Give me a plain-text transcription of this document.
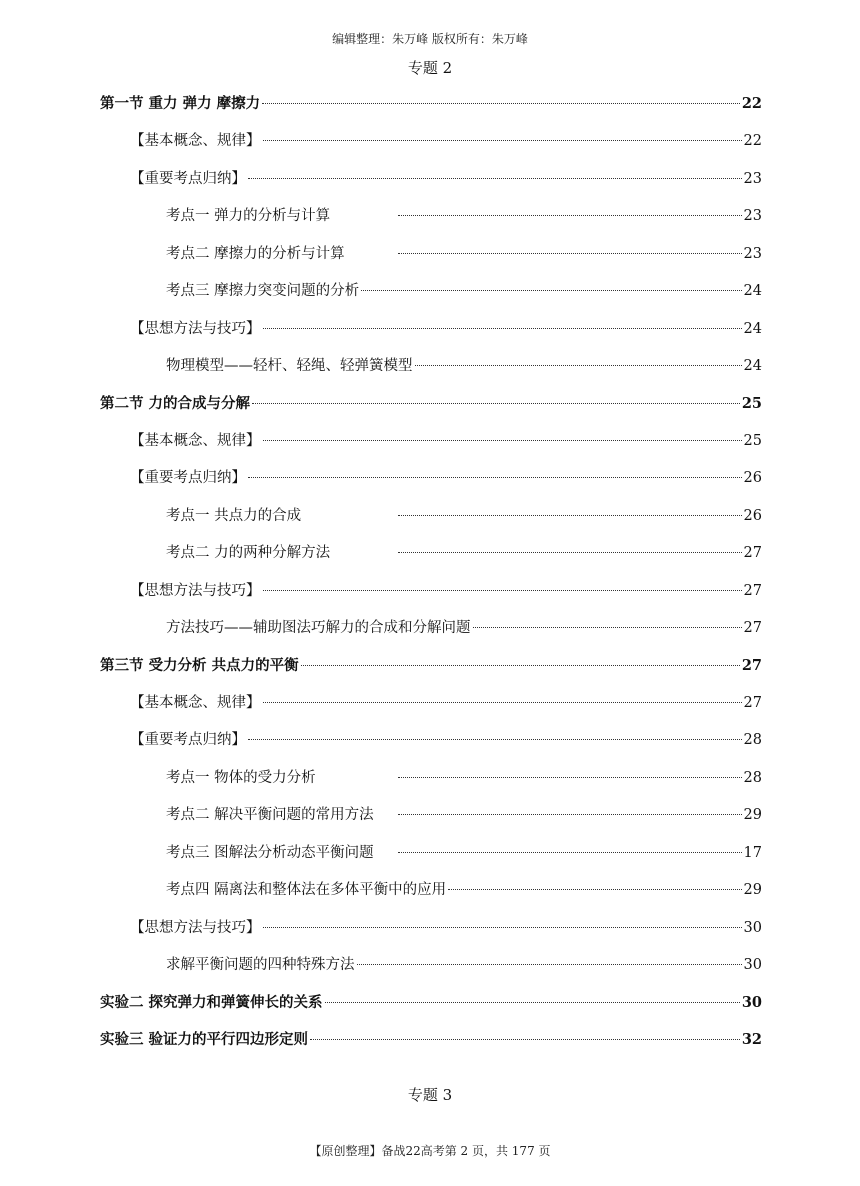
编辑整理：朱万峰 版权所有：朱万峰
专题 2
第一节 重力 弹力 摩擦力	22
【基本概念、规律】	22
【重要考点归纳】	23
考点一 弹力的分析与计算	23
考点二 摩擦力的分析与计算	23
考点三 摩擦力突变问题的分析	24
【思想方法与技巧】	24
物理模型——轻杆、轻绳、轻弹簧模型	24
第二节 力的合成与分解	25
【基本概念、规律】	25
【重要考点归纳】	26
考点一 共点力的合成	26
考点二 力的两种分解方法	27
【思想方法与技巧】	27
方法技巧——辅助图法巧解力的合成和分解问题	27
第三节 受力分析 共点力的平衡	27
【基本概念、规律】	27
【重要考点归纳】	28
考点一 物体的受力分析	28
考点二 解决平衡问题的常用方法	29
考点三 图解法分析动态平衡问题	17
考点四 隔离法和整体法在多体平衡中的应用	29
【思想方法与技巧】	30
求解平衡问题的四种特殊方法	30
实验二 探究弹力和弹簧伸长的关系	30
实验三 验证力的平行四边形定则	32
专题 3
【原创整理】备战22高考第 2 页，共 177 页
